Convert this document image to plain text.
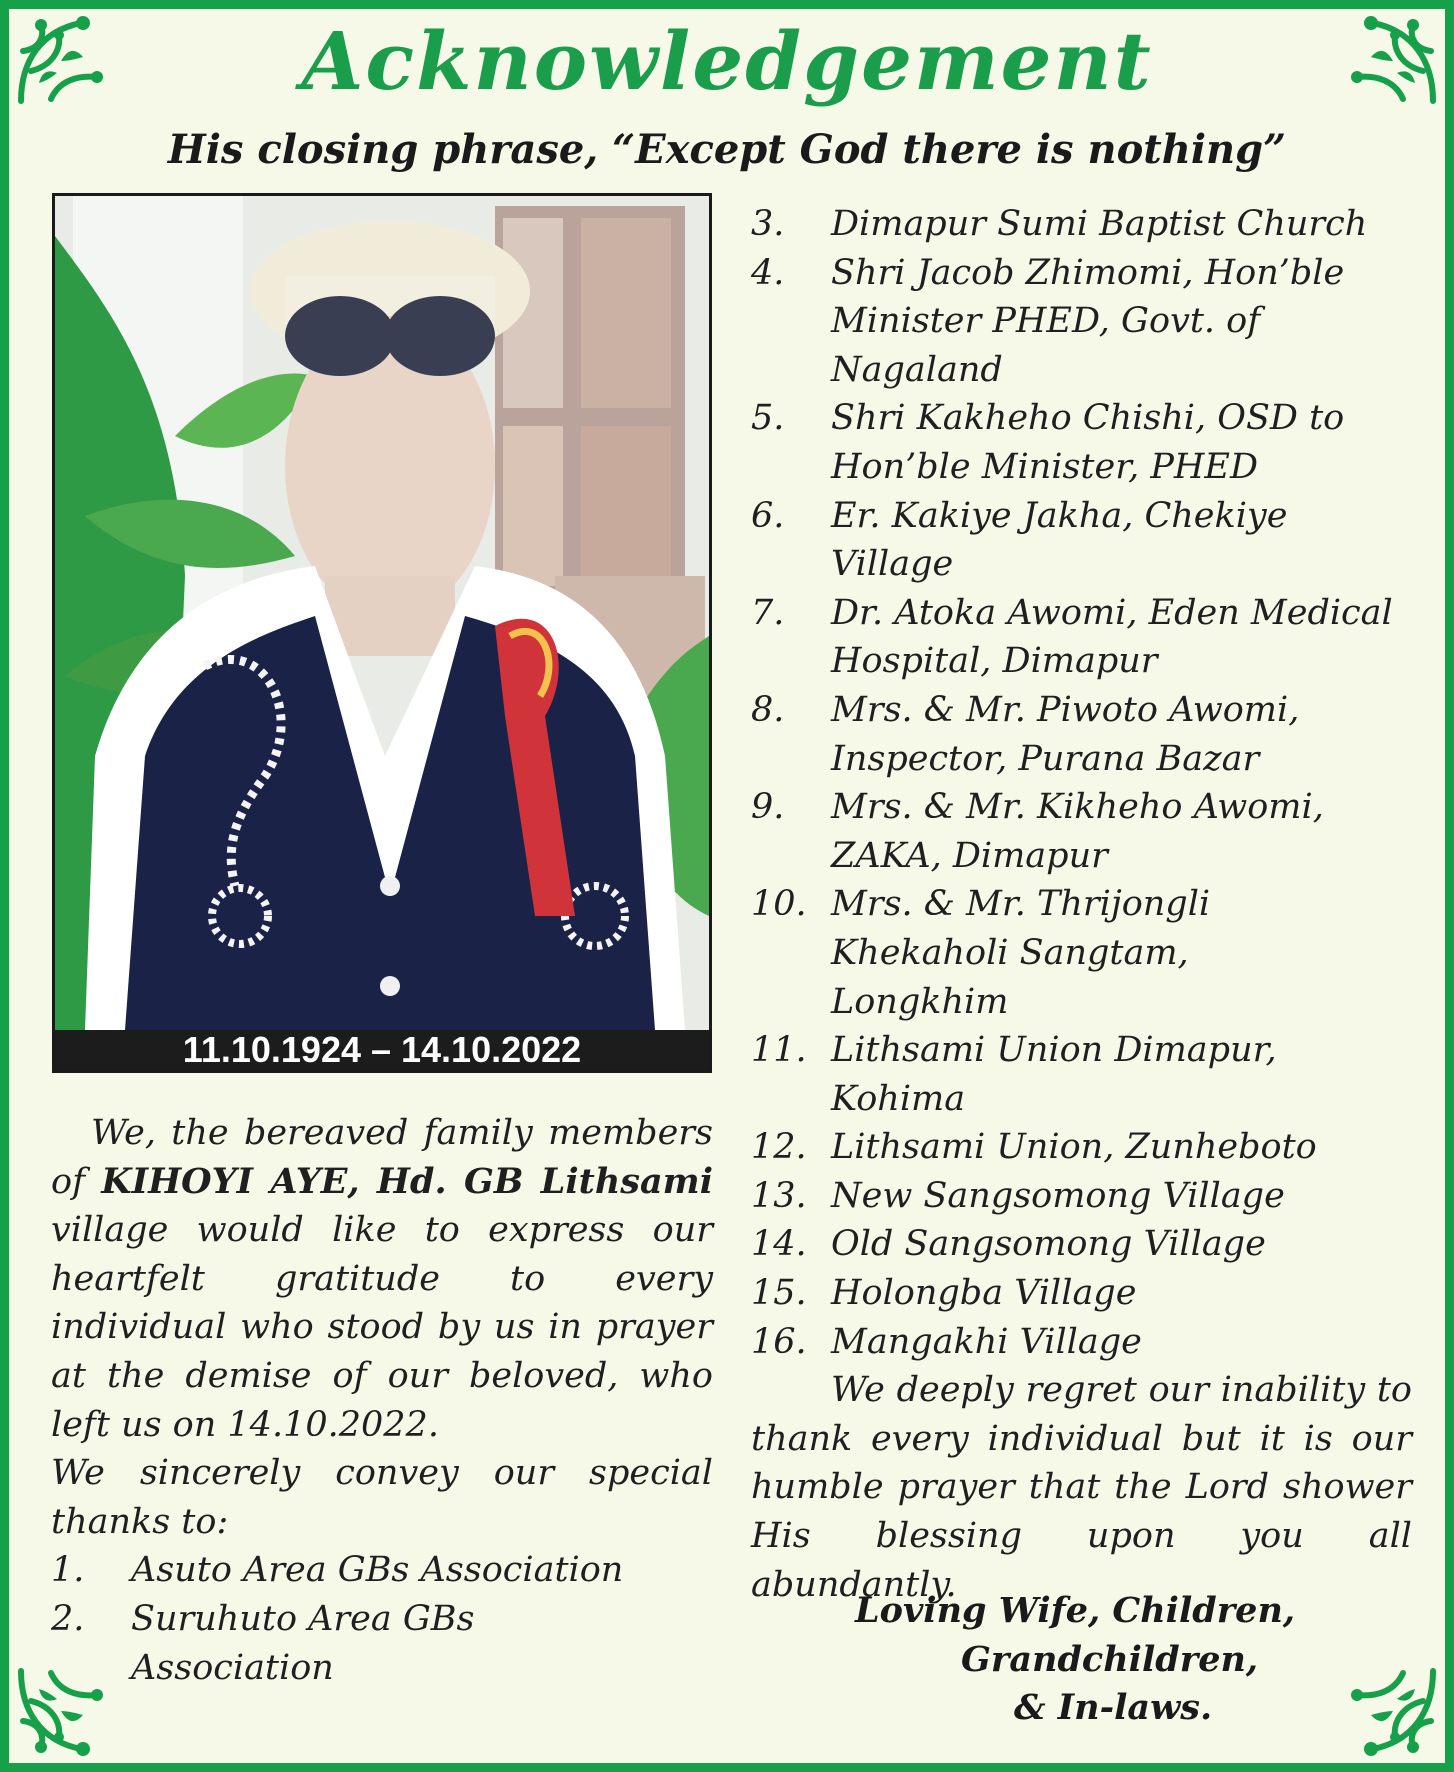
Acknowledgement
His closing phrase, “Except God there is nothing”
11.10.1924 – 14.10.2022

We, the bereaved family members of KIHOYI AYE, Hd. GB Lithsami village would like to express our heartfelt gratitude to every individual who stood by us in prayer at the demise of our beloved, who left us on 14.10.2022.

We sincerely convey our special thanks to:

1.	Asuto Area GBs Association
2.	Suruhuto Area GBs Association
3.	Dimapur Sumi Baptist Church
4.	Shri Jacob Zhimomi, Hon’ble Minister PHED, Govt. of Nagaland
5.	Shri Kakheho Chishi, OSD to Hon’ble Minister, PHED
6.	Er. Kakiye Jakha, Chekiye Village
7.	Dr. Atoka Awomi, Eden Medical Hospital, Dimapur
8.	Mrs. & Mr. Piwoto Awomi, Inspector, Purana Bazar
9.	Mrs. & Mr. Kikheho Awomi, ZAKA, Dimapur
10. Mrs. & Mr. Thrijongli Khekaholi Sangtam, Longkhim
11. Lithsami Union Dimapur, Kohima
12. Lithsami Union, Zunheboto
13. New Sangsomong Village
14. Old Sangsomong Village
15. Holongba Village
16. Mangakhi Village

We deeply regret our inability to thank every individual but it is our humble prayer that the Lord shower His blessing upon you all abundantly.

Loving Wife, Children,
Grandchildren,
& In-laws.
